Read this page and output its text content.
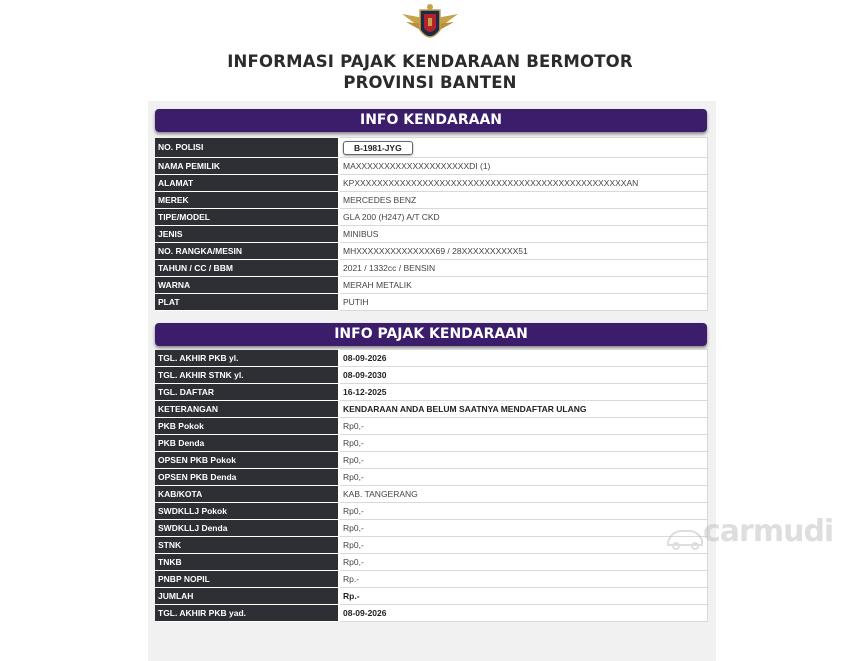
INFORMASI PAJAK KENDARAAN BERMOTOR
PROVINSI BANTEN
INFO KENDARAAN
NO. POLISI	B-1981-JYG
NAMA PEMILIK	MAXXXXXXXXXXXXXXXXXXXXDI (1)
ALAMAT	KPXXXXXXXXXXXXXXXXXXXXXXXXXXXXXXXXXXXXXXXXXXXXXXXXAN
MEREK	MERCEDES BENZ
TIPE/MODEL	GLA 200 (H247) A/T CKD
JENIS	MINIBUS
NO. RANGKA/MESIN	MHXXXXXXXXXXXXXX69 / 28XXXXXXXXXX51
TAHUN / CC / BBM	2021 / 1332cc / BENSIN
WARNA	MERAH METALIK
PLAT	PUTIH
INFO PAJAK KENDARAAN
TGL. AKHIR PKB yl.	08-09-2026
TGL. AKHIR STNK yl.	08-09-2030
TGL. DAFTAR	16-12-2025
KETERANGAN	KENDARAAN ANDA BELUM SAATNYA MENDAFTAR ULANG
PKB Pokok	Rp0,-
PKB Denda	Rp0,-
OPSEN PKB Pokok	Rp0,-
OPSEN PKB Denda	Rp0,-
KAB/KOTA	KAB. TANGERANG
SWDKLLJ Pokok	Rp0,-
SWDKLLJ Denda	Rp0,-
STNK	Rp0,-
TNKB	Rp0,-
PNBP NOPIL	Rp.-
JUMLAH	Rp.-
TGL. AKHIR PKB yad.	08-09-2026
carmudi
